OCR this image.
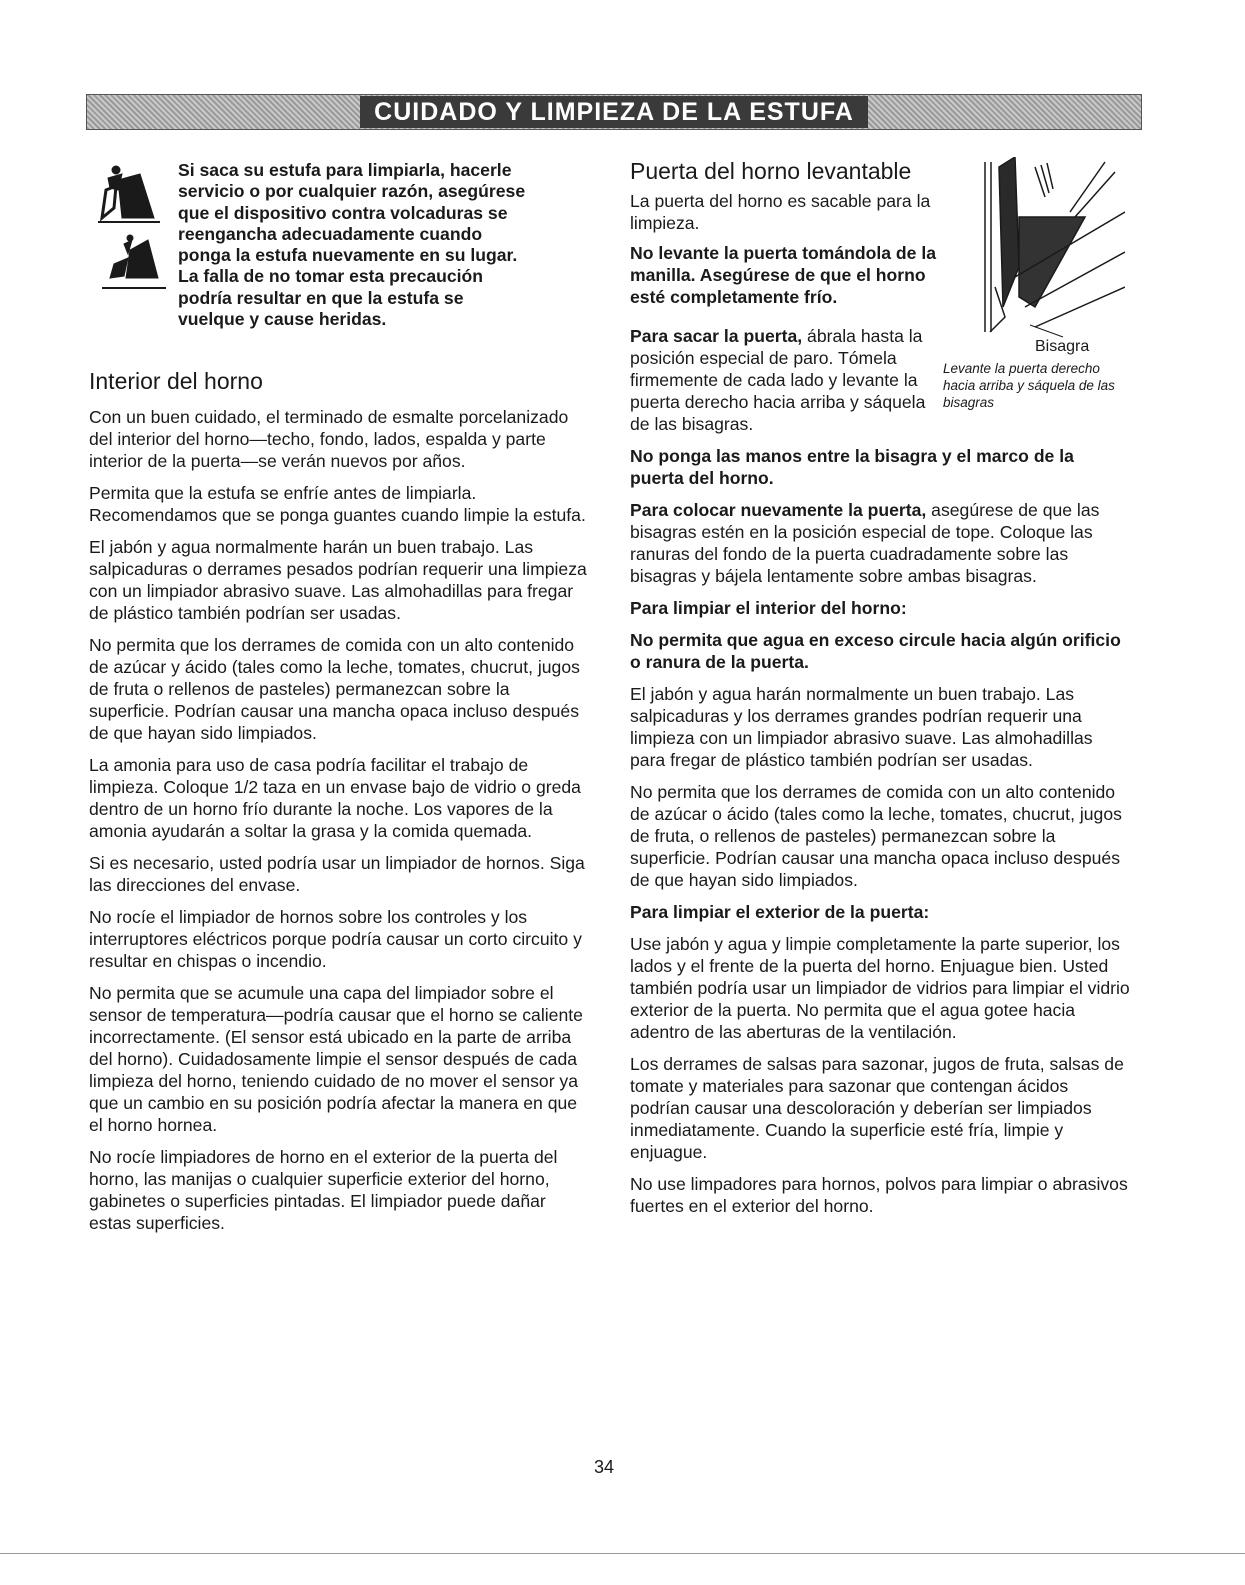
CUIDADO Y LIMPIEZA DE LA ESTUFA
Si saca su estufa para limpiarla, hacerle
servicio o por cualquier razón, asegúrese
que el dispositivo contra volcaduras se
reengancha adecuadamente cuando
ponga la estufa nuevamente en su lugar.
La falla de no tomar esta precaución
podría resultar en que la estufa se
vuelque y cause heridas.
Interior del horno

Con un buen cuidado, el terminado de esmalte porcelanizado del interior del horno—techo, fondo, lados, espalda y parte interior de la puerta—se verán nuevos por años.

Permita que la estufa se enfríe antes de limpiarla. Recomendamos que se ponga guantes cuando limpie la estufa.

El jabón y agua normalmente harán un buen trabajo. Las salpicaduras o derrames pesados podrían requerir una limpieza con un limpiador abrasivo suave. Las almohadillas para fregar de plástico también podrían ser usadas.

No permita que los derrames de comida con un alto contenido de azúcar y ácido (tales como la leche, tomates, chucrut, jugos de fruta o rellenos de pasteles) permanezcan sobre la superficie. Podrían causar una mancha opaca incluso después de que hayan sido limpiados.

La amonia para uso de casa podría facilitar el trabajo de limpieza. Coloque 1/2 taza en un envase bajo de vidrio o greda dentro de un horno frío durante la noche. Los vapores de la amonia ayudarán a soltar la grasa y la comida quemada.

Si es necesario, usted podría usar un limpiador de hornos. Siga las direcciones del envase.

No rocíe el limpiador de hornos sobre los controles y los interruptores eléctricos porque podría causar un corto circuito y resultar en chispas o incendio.

No permita que se acumule una capa del limpiador sobre el sensor de temperatura—podría causar que el horno se caliente incorrectamente. (El sensor está ubicado en la parte de arriba del horno). Cuidadosamente limpie el sensor después de cada limpieza del horno, teniendo cuidado de no mover el sensor ya que un cambio en su posición podría afectar la manera en que el horno hornea.

No rocíe limpiadores de horno en el exterior de la puerta del horno, las manijas o cualquier superficie exterior del horno, gabinetes o superficies pintadas. El limpiador puede dañar estas superficies.

Puerta del horno levantable

La puerta del horno es sacable para la limpieza.

No levante la puerta tomándola de la manilla. Asegúrese de que el horno esté completamente frío.

Bisagra
Levante la puerta derecho hacia arriba y sáquela de las bisagras

Para sacar la puerta, ábrala hasta la posición especial de paro. Tómela firmemente de cada lado y levante la puerta derecho hacia arriba y sáquela de las bisagras.

No ponga las manos entre la bisagra y el marco de la puerta del horno.

Para colocar nuevamente la puerta, asegúrese de que las bisagras estén en la posición especial de tope. Coloque las ranuras del fondo de la puerta cuadradamente sobre las bisagras y bájela lentamente sobre ambas bisagras.

Para limpiar el interior del horno:

No permita que agua en exceso circule hacia algún orificio o ranura de la puerta.

El jabón y agua harán normalmente un buen trabajo. Las salpicaduras y los derrames grandes podrían requerir una limpieza con un limpiador abrasivo suave. Las almohadillas para fregar de plástico también podrían ser usadas.

No permita que los derrames de comida con un alto contenido de azúcar o ácido (tales como la leche, tomates, chucrut, jugos de fruta, o rellenos de pasteles) permanezcan sobre la superficie. Podrían causar una mancha opaca incluso después de que hayan sido limpiados.

Para limpiar el exterior de la puerta:

Use jabón y agua y limpie completamente la parte superior, los lados y el frente de la puerta del horno. Enjuague bien. Usted también podría usar un limpiador de vidrios para limpiar el vidrio exterior de la puerta. No permita que el agua gotee hacia adentro de las aberturas de la ventilación.

Los derrames de salsas para sazonar, jugos de fruta, salsas de tomate y materiales para sazonar que contengan ácidos podrían causar una descoloración y deberían ser limpiados inmediatamente. Cuando la superficie esté fría, limpie y enjuague.

No use limpadores para hornos, polvos para limpiar o abrasivos fuertes en el exterior del horno.

34
